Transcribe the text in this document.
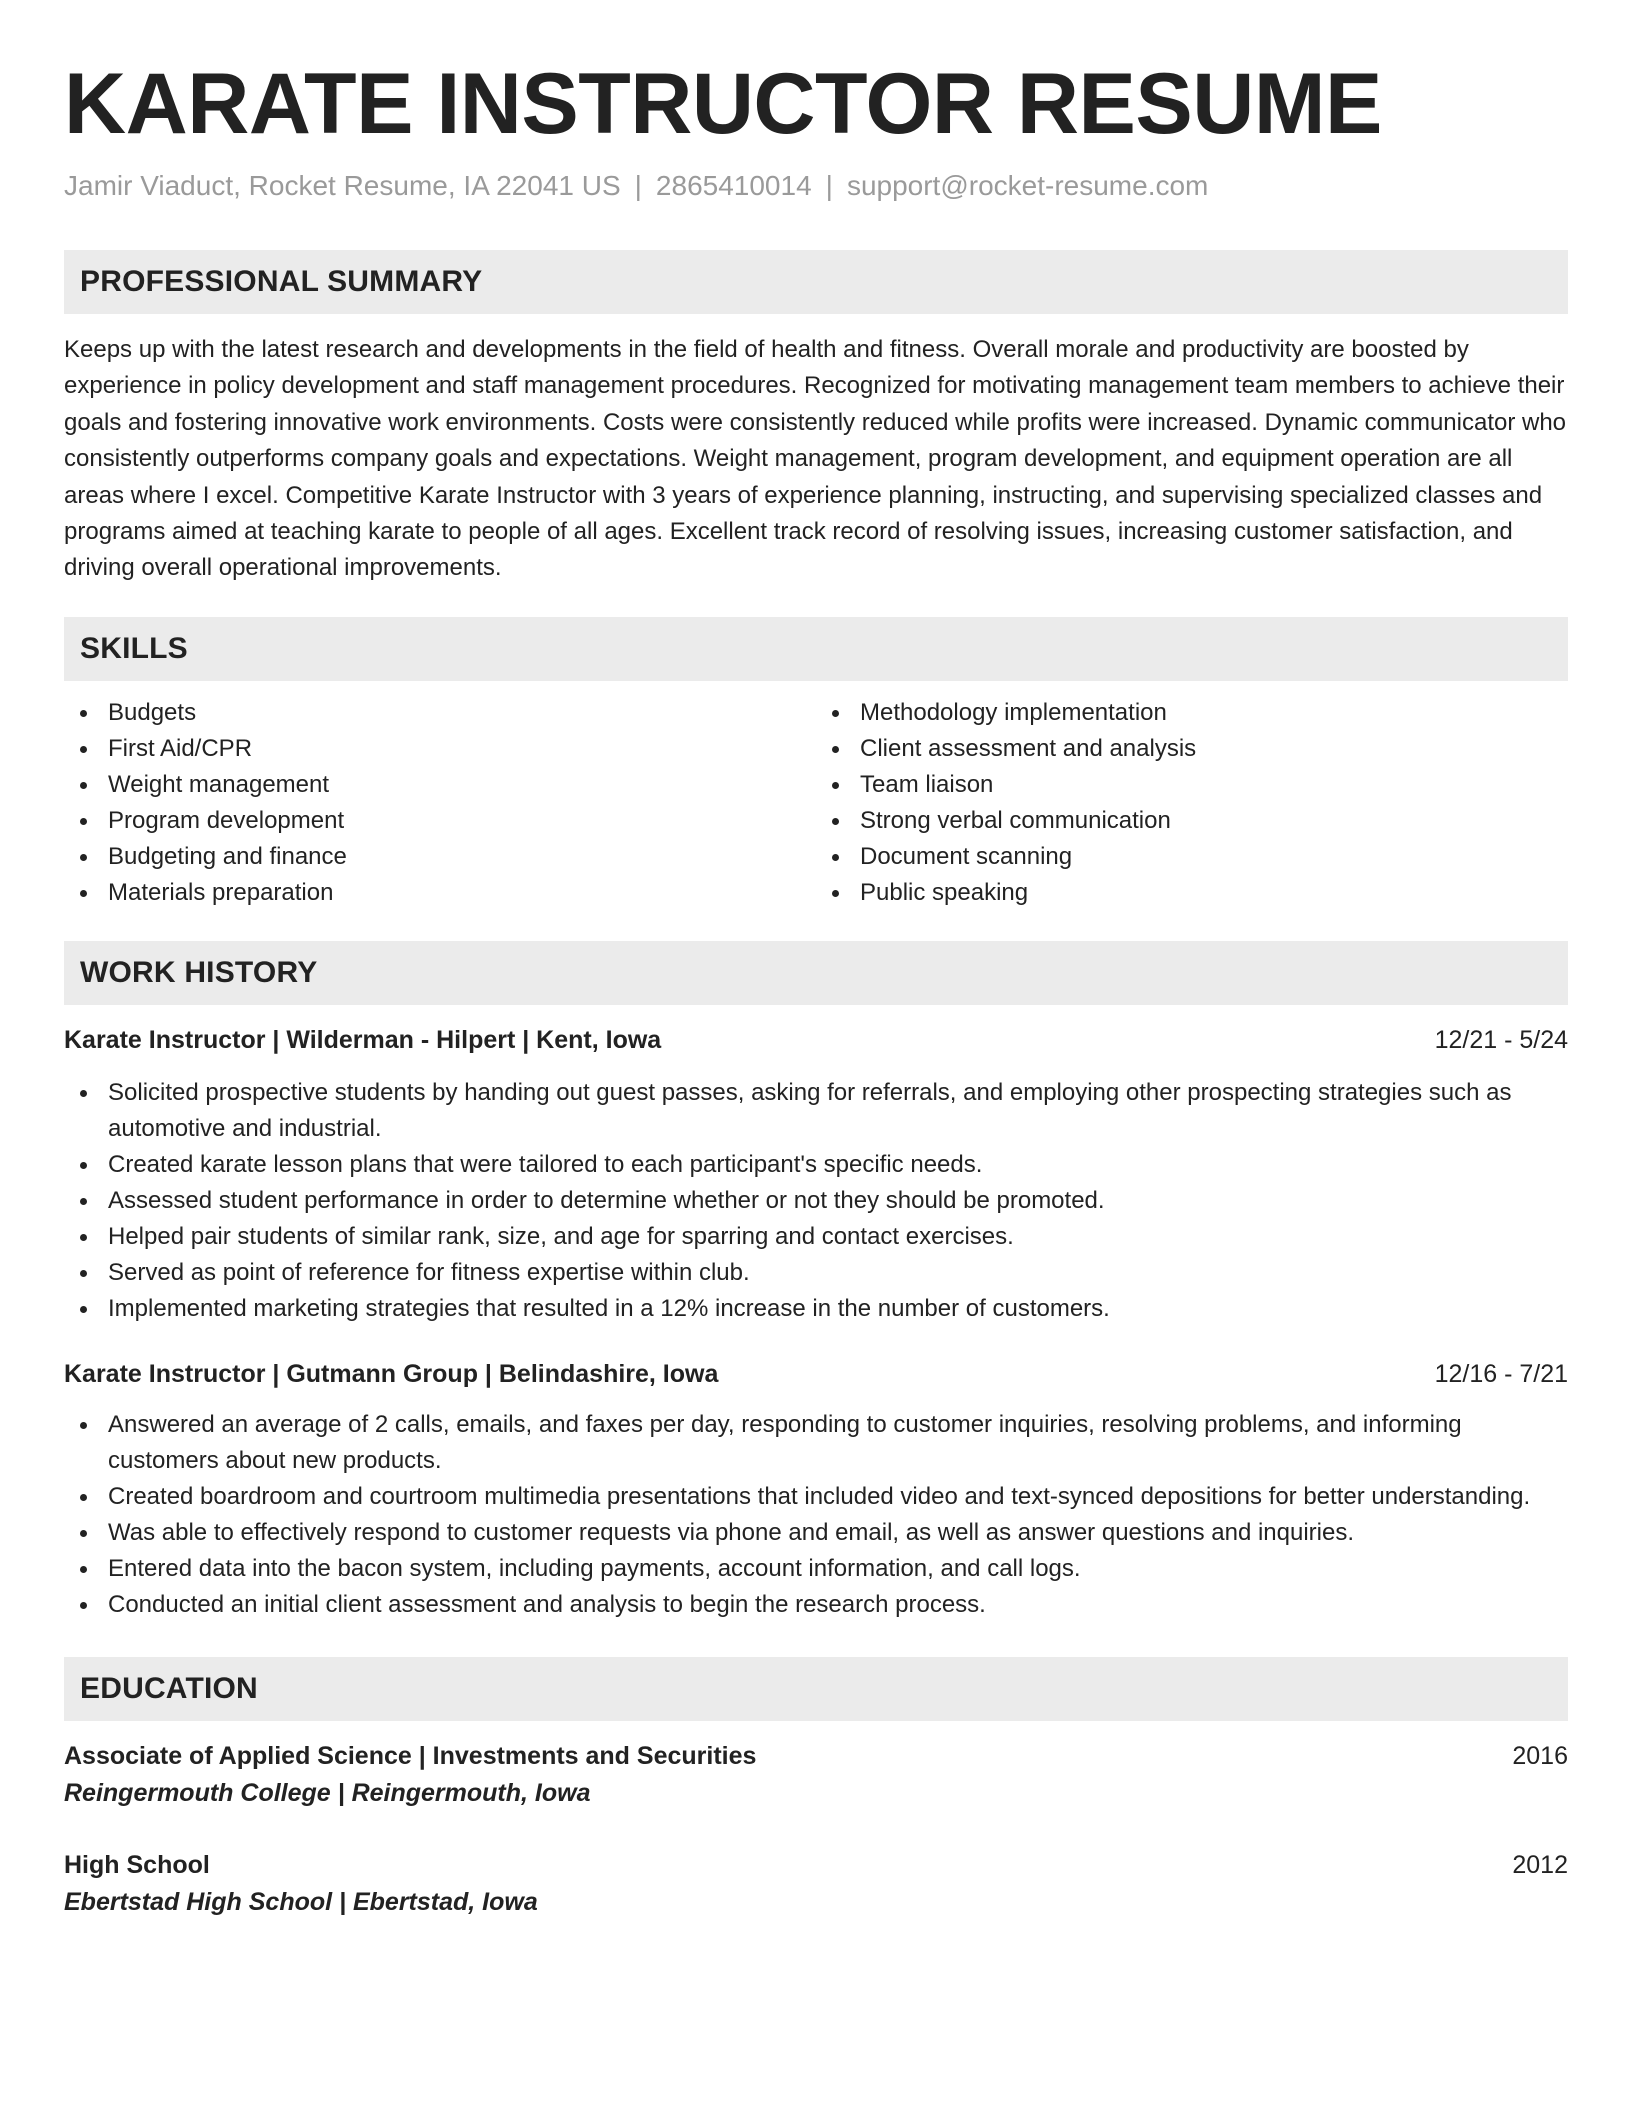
KARATE INSTRUCTOR RESUME
Jamir Viaduct, Rocket Resume, IA 22041 US | 2865410014 | support@rocket-resume.com
PROFESSIONAL SUMMARY

Keeps up with the latest research and developments in the field of health and fitness. Overall morale and productivity are boosted by experience in policy development and staff management procedures. Recognized for motivating management team members to achieve their goals and fostering innovative work environments. Costs were consistently reduced while profits were increased. Dynamic communicator who consistently outperforms company goals and expectations. Weight management, program development, and equipment operation are all areas where I excel. Competitive Karate Instructor with 3 years of experience planning, instructing, and supervising specialized classes and programs aimed at teaching karate to people of all ages. Excellent track record of resolving issues, increasing customer satisfaction, and driving overall operational improvements.

SKILLS
Budgets
First Aid/CPR
Weight management
Program development
Budgeting and finance
Materials preparation
Methodology implementation
Client assessment and analysis
Team liaison
Strong verbal communication
Document scanning
Public speaking
WORK HISTORY
Karate Instructor | Wilderman - Hilpert | Kent, Iowa	12/21 - 5/24
Solicited prospective students by handing out guest passes, asking for referrals, and employing other prospecting strategies such as automotive and industrial.
Created karate lesson plans that were tailored to each participant's specific needs.
Assessed student performance in order to determine whether or not they should be promoted.
Helped pair students of similar rank, size, and age for sparring and contact exercises.
Served as point of reference for fitness expertise within club.
Implemented marketing strategies that resulted in a 12% increase in the number of customers.
Karate Instructor | Gutmann Group | Belindashire, Iowa	12/16 - 7/21
Answered an average of 2 calls, emails, and faxes per day, responding to customer inquiries, resolving problems, and informing customers about new products.
Created boardroom and courtroom multimedia presentations that included video and text-synced depositions for better understanding.
Was able to effectively respond to customer requests via phone and email, as well as answer questions and inquiries.
Entered data into the bacon system, including payments, account information, and call logs.
Conducted an initial client assessment and analysis to begin the research process.
EDUCATION
Associate of Applied Science | Investments and Securities	2016
Reingermouth College | Reingermouth, Iowa
High School	2012
Ebertstad High School | Ebertstad, Iowa
